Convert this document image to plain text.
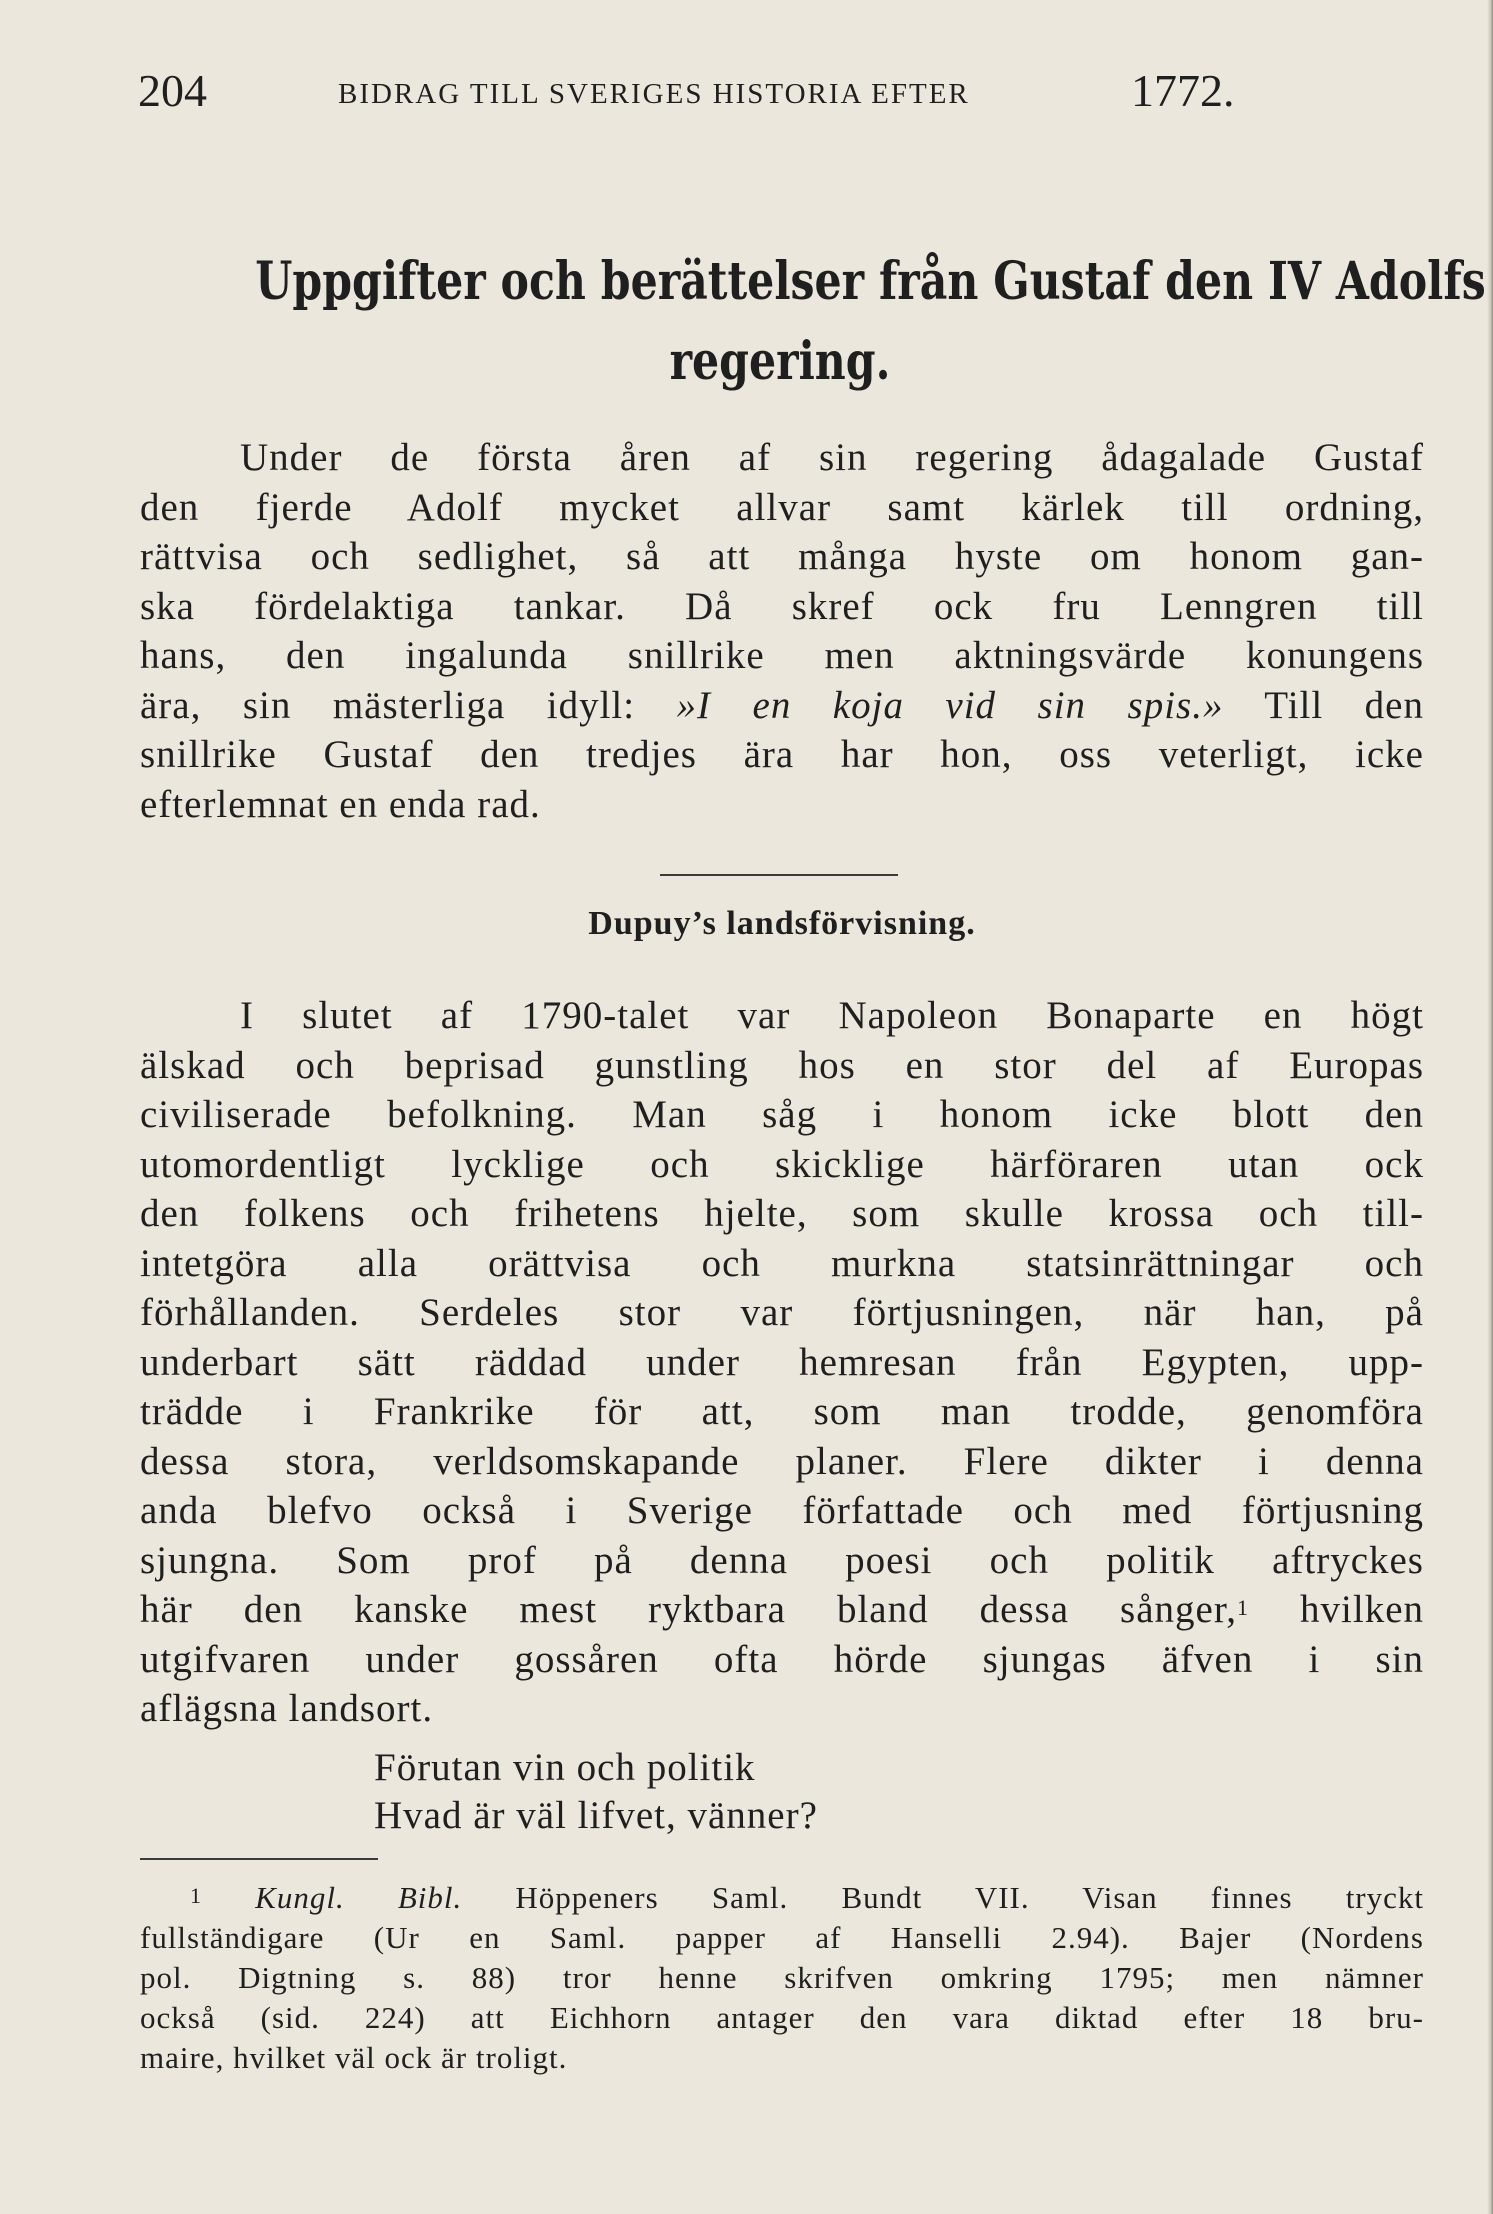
204	BIDRAG TILL SVERIGES HISTORIA EFTER	1772.
Uppgifter och berättelser från Gustaf den IV Adolfs
regering.
Under de första åren af sin regering ådagalade Gustaf
den fjerde Adolf mycket allvar samt kärlek till ordning,
rättvisa och sedlighet, så att många hyste om honom gan-
ska fördelaktiga tankar. Då skref ock fru Lenngren till
hans, den ingalunda snillrike men aktningsvärde konungens
ära, sin mästerliga idyll: »I en koja vid sin spis.» Till den
snillrike Gustaf den tredjes ära har hon, oss veterligt, icke
efterlemnat en enda rad.
Dupuy’s landsförvisning.
I slutet af 1790-talet var Napoleon Bonaparte en högt
älskad och beprisad gunstling hos en stor del af Europas
civiliserade befolkning. Man såg i honom icke blott den
utomordentligt lycklige och skicklige härföraren utan ock
den folkens och frihetens hjelte, som skulle krossa och till-
intetgöra alla orättvisa och murkna statsinrättningar och
förhållanden. Serdeles stor var förtjusningen, när han, på
underbart sätt räddad under hemresan från Egypten, upp-
trädde i Frankrike för att, som man trodde, genomföra
dessa stora, verldsomskapande planer. Flere dikter i denna
anda blefvo också i Sverige författade och med förtjusning
sjungna. Som prof på denna poesi och politik aftryckes
här den kanske mest ryktbara bland dessa sånger,$^1$ hvilken
utgifvaren under gossåren ofta hörde sjungas äfven i sin
aflägsna landsort.
Förutan vin och politik
Hvad är väl lifvet, vänner?
$^1$ Kungl. Bibl. Höppeners Saml. Bundt VII. Visan finnes tryckt
fullständigare (Ur en Saml. papper af Hanselli 2.94). Bajer (Nordens
pol. Digtning s. 88) tror henne skrifven omkring 1795; men nämner
också (sid. 224) att Eichhorn antager den vara diktad efter 18 bru-
maire, hvilket väl ock är troligt.
